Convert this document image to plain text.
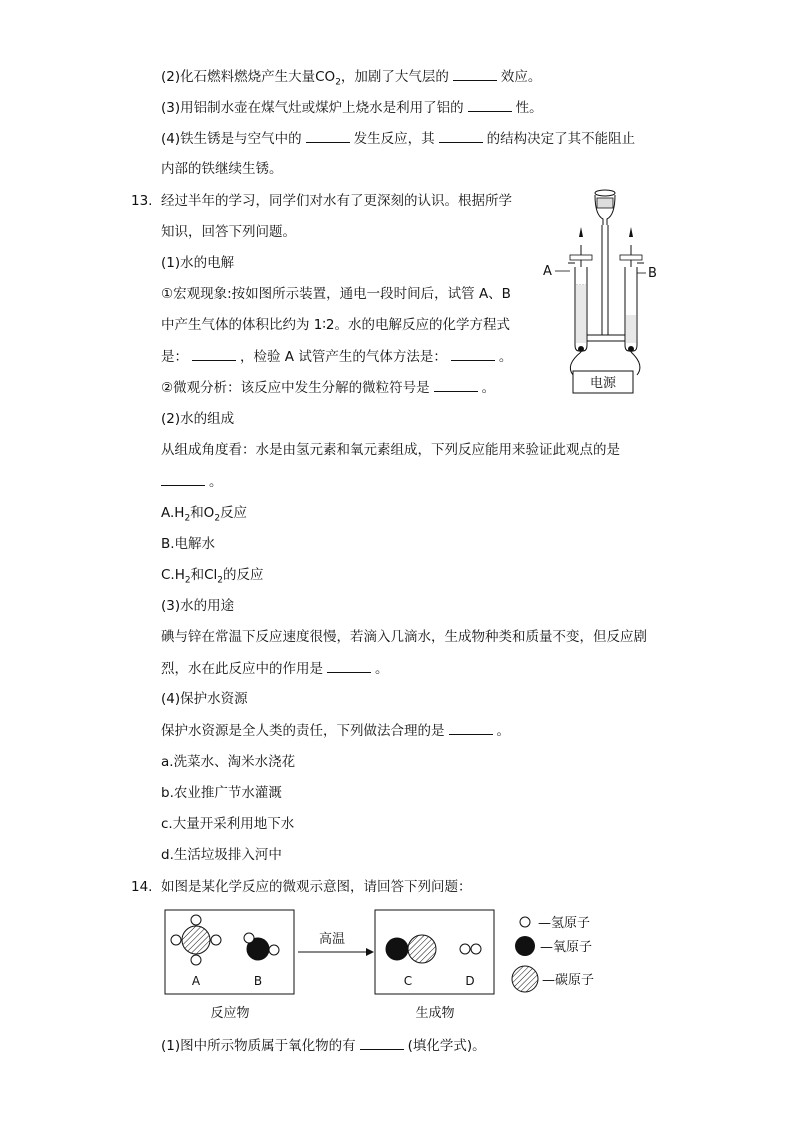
(2)化石燃料燃烧产生大量$CO_2$，加剧了大气层的	效应。
(3)用铝制水壶在煤气灶或煤炉上烧水是利用了铝的	性。
(4)铁生锈是与空气中的	发生反应，其	的结构决定了其不能阻止
内部的铁继续生锈。
13. 经过半年的学习，同学们对水有了更深刻的认识。根据所学
知识，回答下列问题。
(1)水的电解
①宏观现象:按如图所示装置，通电一段时间后，试管 A、B
中产生气体的体积比约为 1∶2。水的电解反应的化学方程式
是：	，检验 A 试管产生的气体方法是：	。
②微观分析：该反应中发生分解的微粒符号是	。	电源
A	B
(2)水的组成
从组成角度看：水是由氢元素和氧元素组成，下列反应能用来验证此观点的是
。
$A.H_2$和$O_2$反应
B.电解水
$C.H_2$和$Cl_2$的反应
(3)水的用途
碘与锌在常温下反应速度很慢，若滴入几滴水，生成物种类和质量不变，但反应剧
烈，水在此反应中的作用是	。
(4)保护水资源
保护水资源是全人类的责任，下列做法合理的是	。
a.洗菜水、淘米水浇花
b.农业推广节水灌溉
c.大量开采利用地下水
d.生活垃圾排入河中
14. 如图是某化学反应的微观示意图，请回答下列问题：
A	B
高温
C	D
—氢原子
—氧原子
—碳原子
反应物	生成物
(1)图中所示物质属于氧化物的有	(填化学式)。
